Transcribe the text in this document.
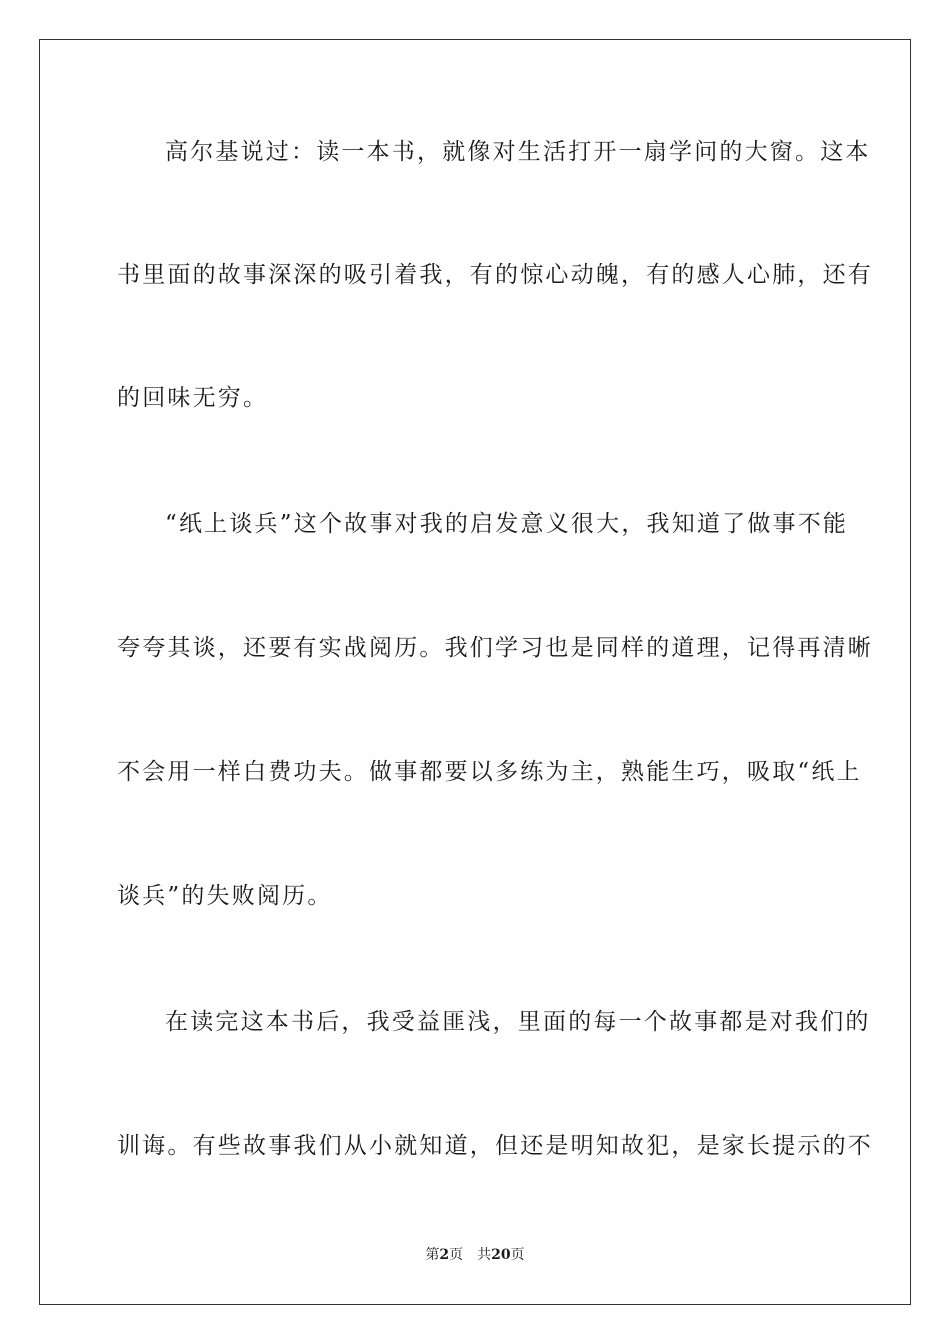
高尔基说过：读一本书，就像对生活打开一扇学问的大窗。这本
书里面的故事深深的吸引着我，有的惊心动魄，有的感人心肺，还有
的回味无穷。
“纸上谈兵”这个故事对我的启发意义很大，我知道了做事不能
夸夸其谈，还要有实战阅历。我们学习也是同样的道理，记得再清晰
不会用一样白费功夫。做事都要以多练为主，熟能生巧，吸取“纸上
谈兵”的失败阅历。
在读完这本书后，我受益匪浅，里面的每一个故事都是对我们的
训诲。有些故事我们从小就知道，但还是明知故犯，是家长提示的不
第2页 共20页
